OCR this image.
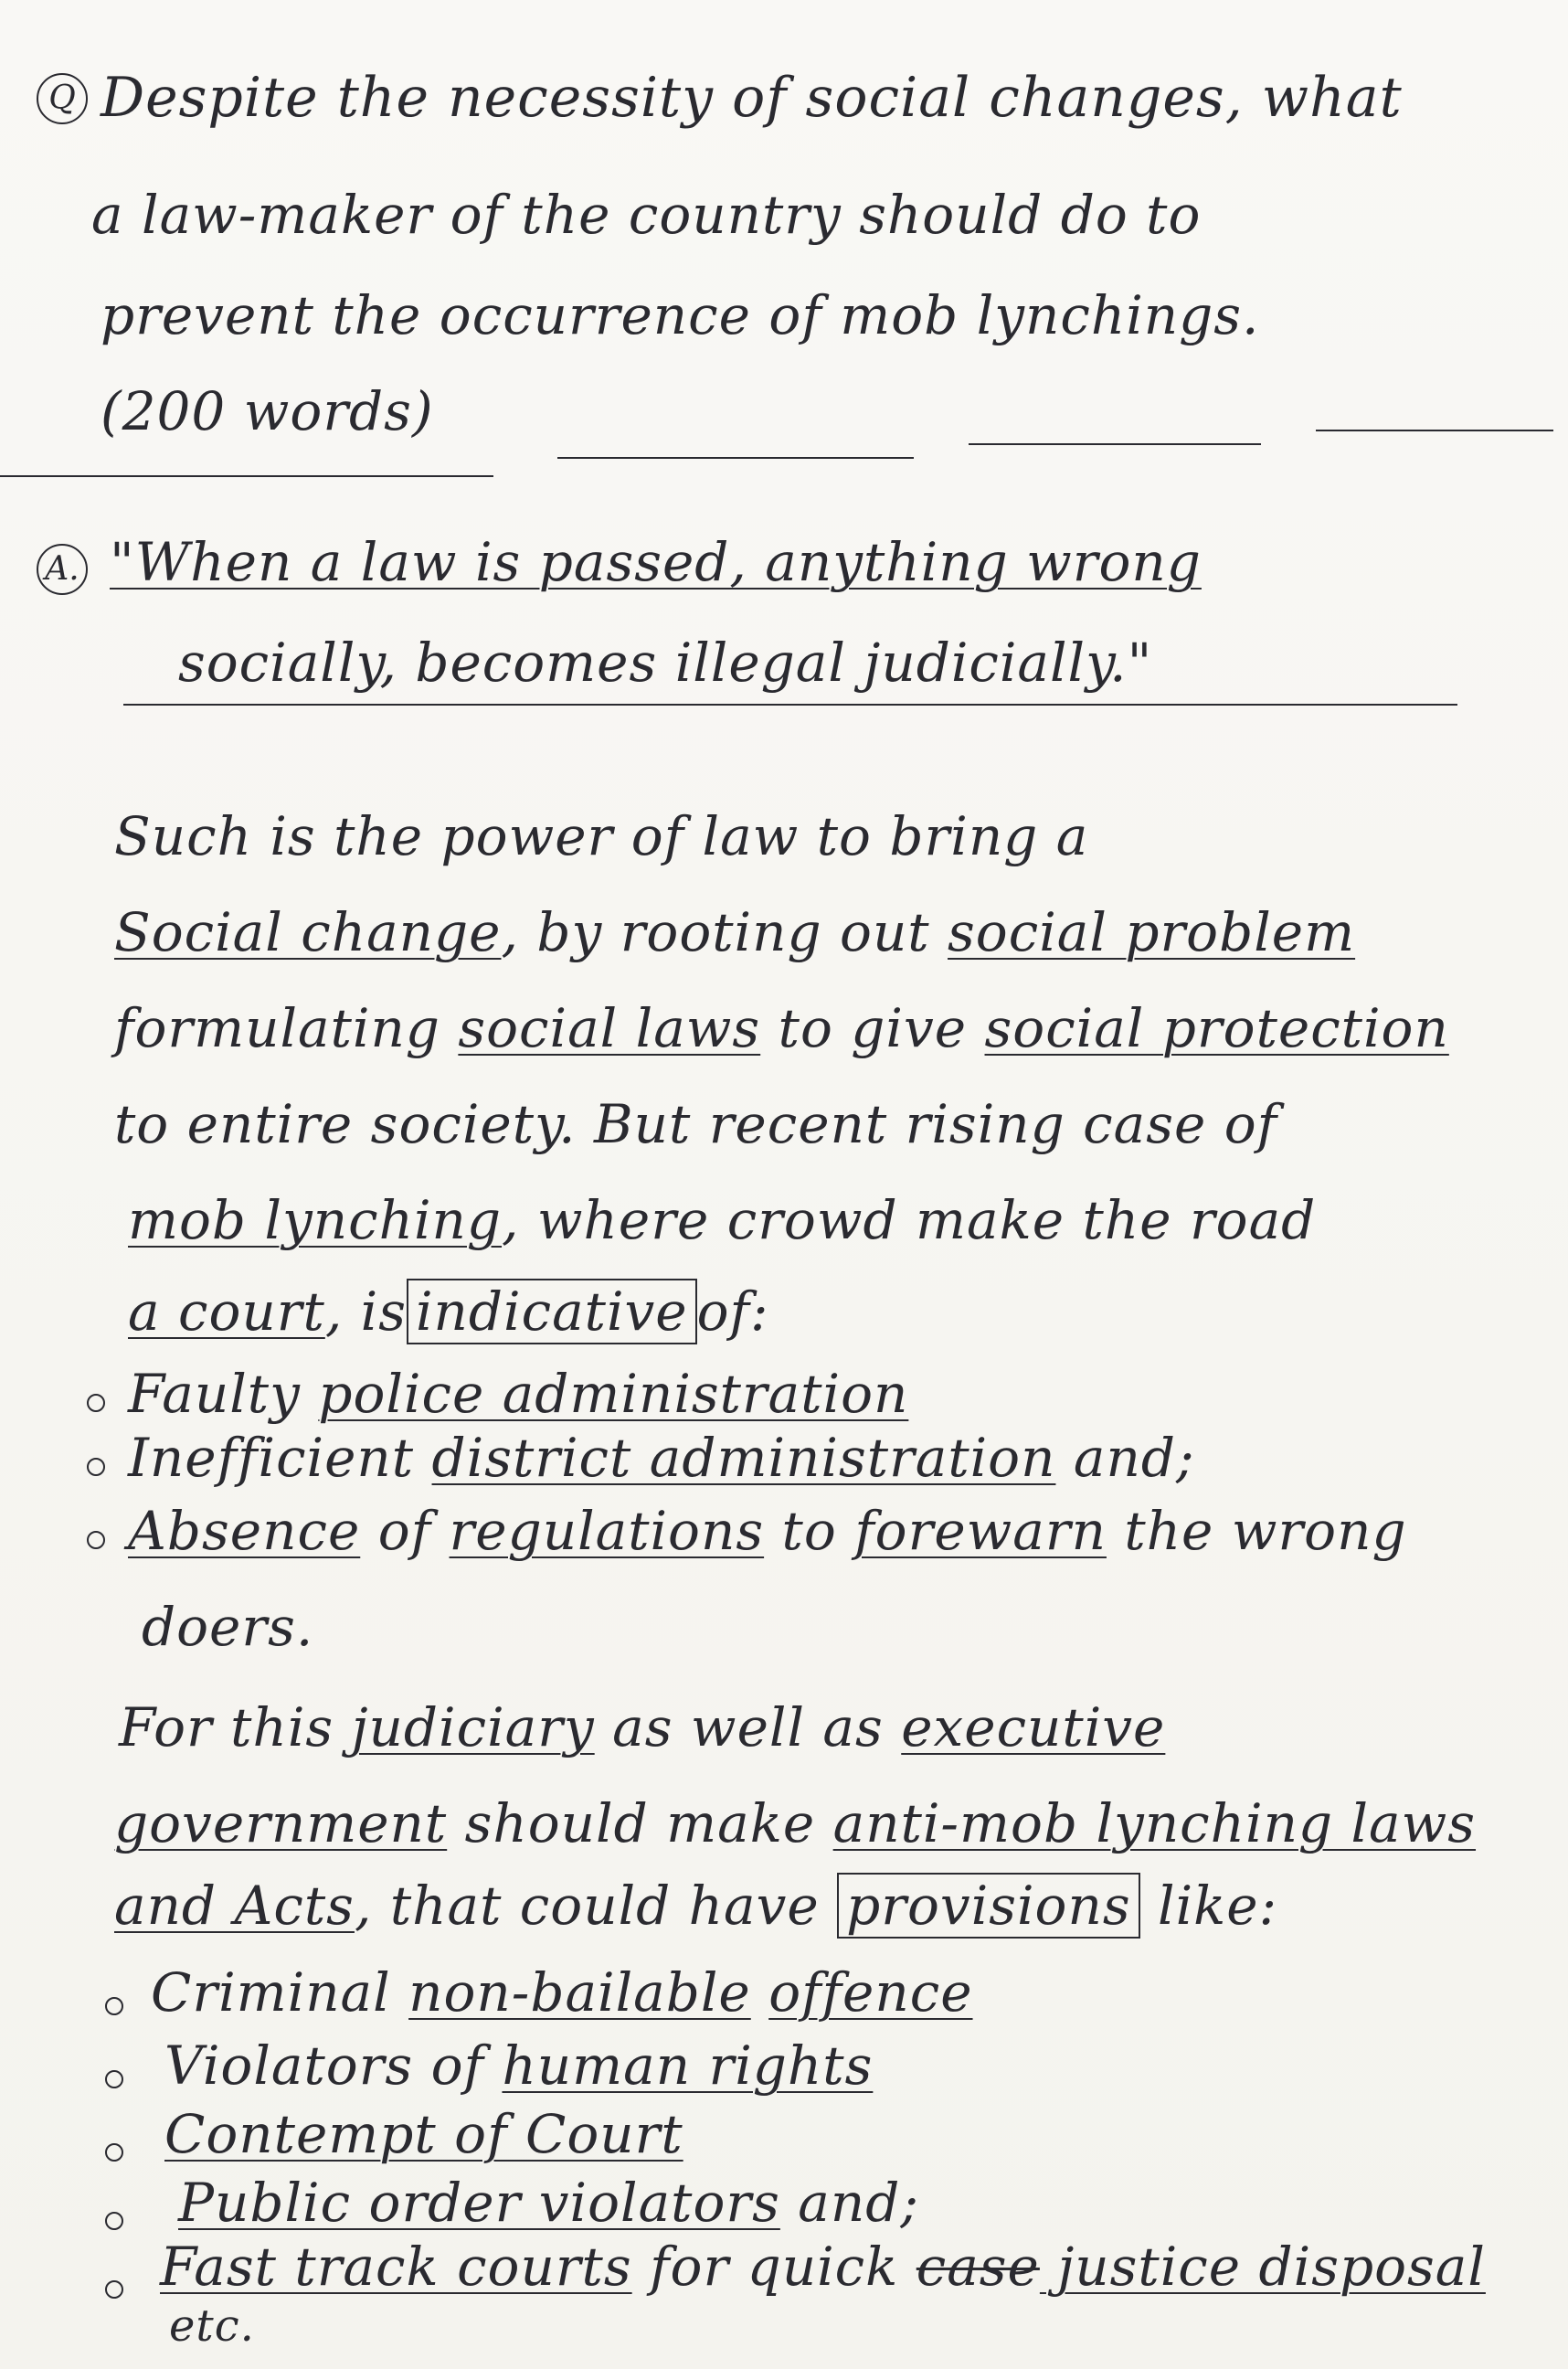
Q Despite the necessity of social changes, what
a law-maker of the country should do to
prevent the occurrence of mob lynchings.
(200 words)
A. "When a law is passed, anything wrong
socially, becomes illegal judicially."
Such is the power of law to bring a
Social change, by rooting out social problem
formulating social laws to give social protection
to entire society. But recent rising case of
mob lynching, where crowd make the road
a court, is indicative of:
Faulty police administration
Inefficient district administration and;
Absence of regulations to forewarn the wrong
doers.
For this judiciary as well as executive
government should make anti-mob lynching laws
and Acts, that could have provisions like:
Criminal non-bailable offence
Violators of human rights
Contempt of Court
Public order violators and;
Fast track courts for quick case justice disposal
etc.
